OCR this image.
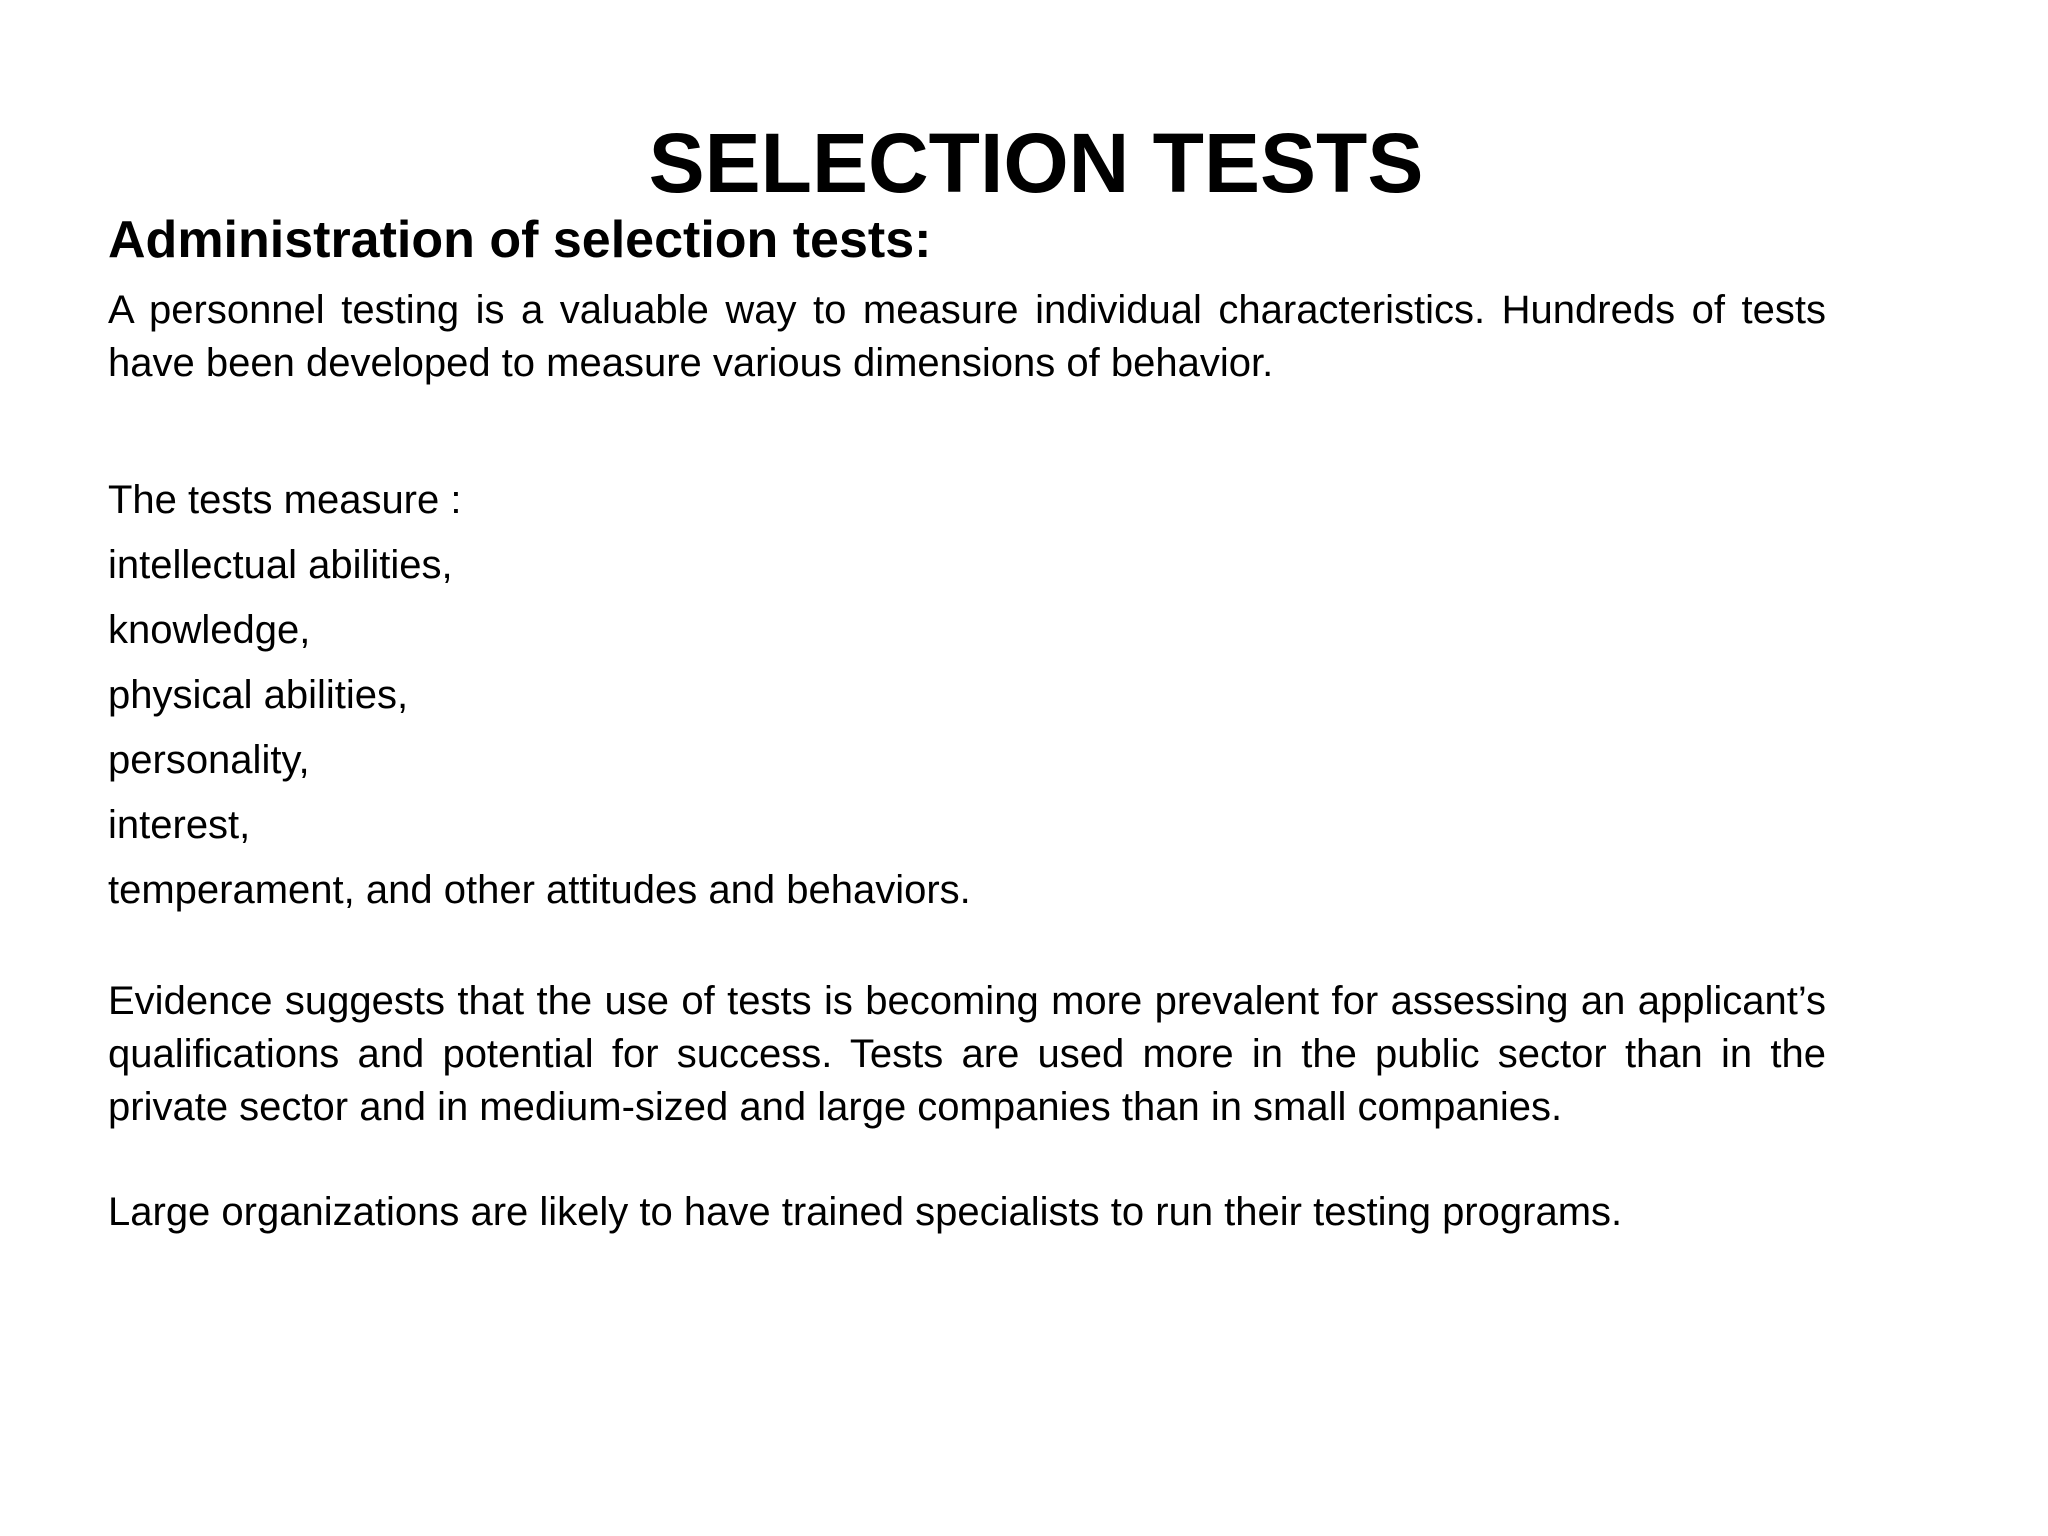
SELECTION TESTS
Administration of selection tests:

A personnel testing is a valuable way to measure individual characteristics. Hundreds of tests have been developed to measure various dimensions of behavior.

The tests measure :

intellectual abilities,
knowledge,
physical abilities,
personality,
interest,
temperament, and other attitudes and behaviors.

Evidence suggests that the use of tests is becoming more prevalent for assessing an applicant’s qualifications and potential for success. Tests are used more in the public sector than in the private sector and in medium-sized and large companies than in small companies.

Large organizations are likely to have trained specialists to run their testing programs.
